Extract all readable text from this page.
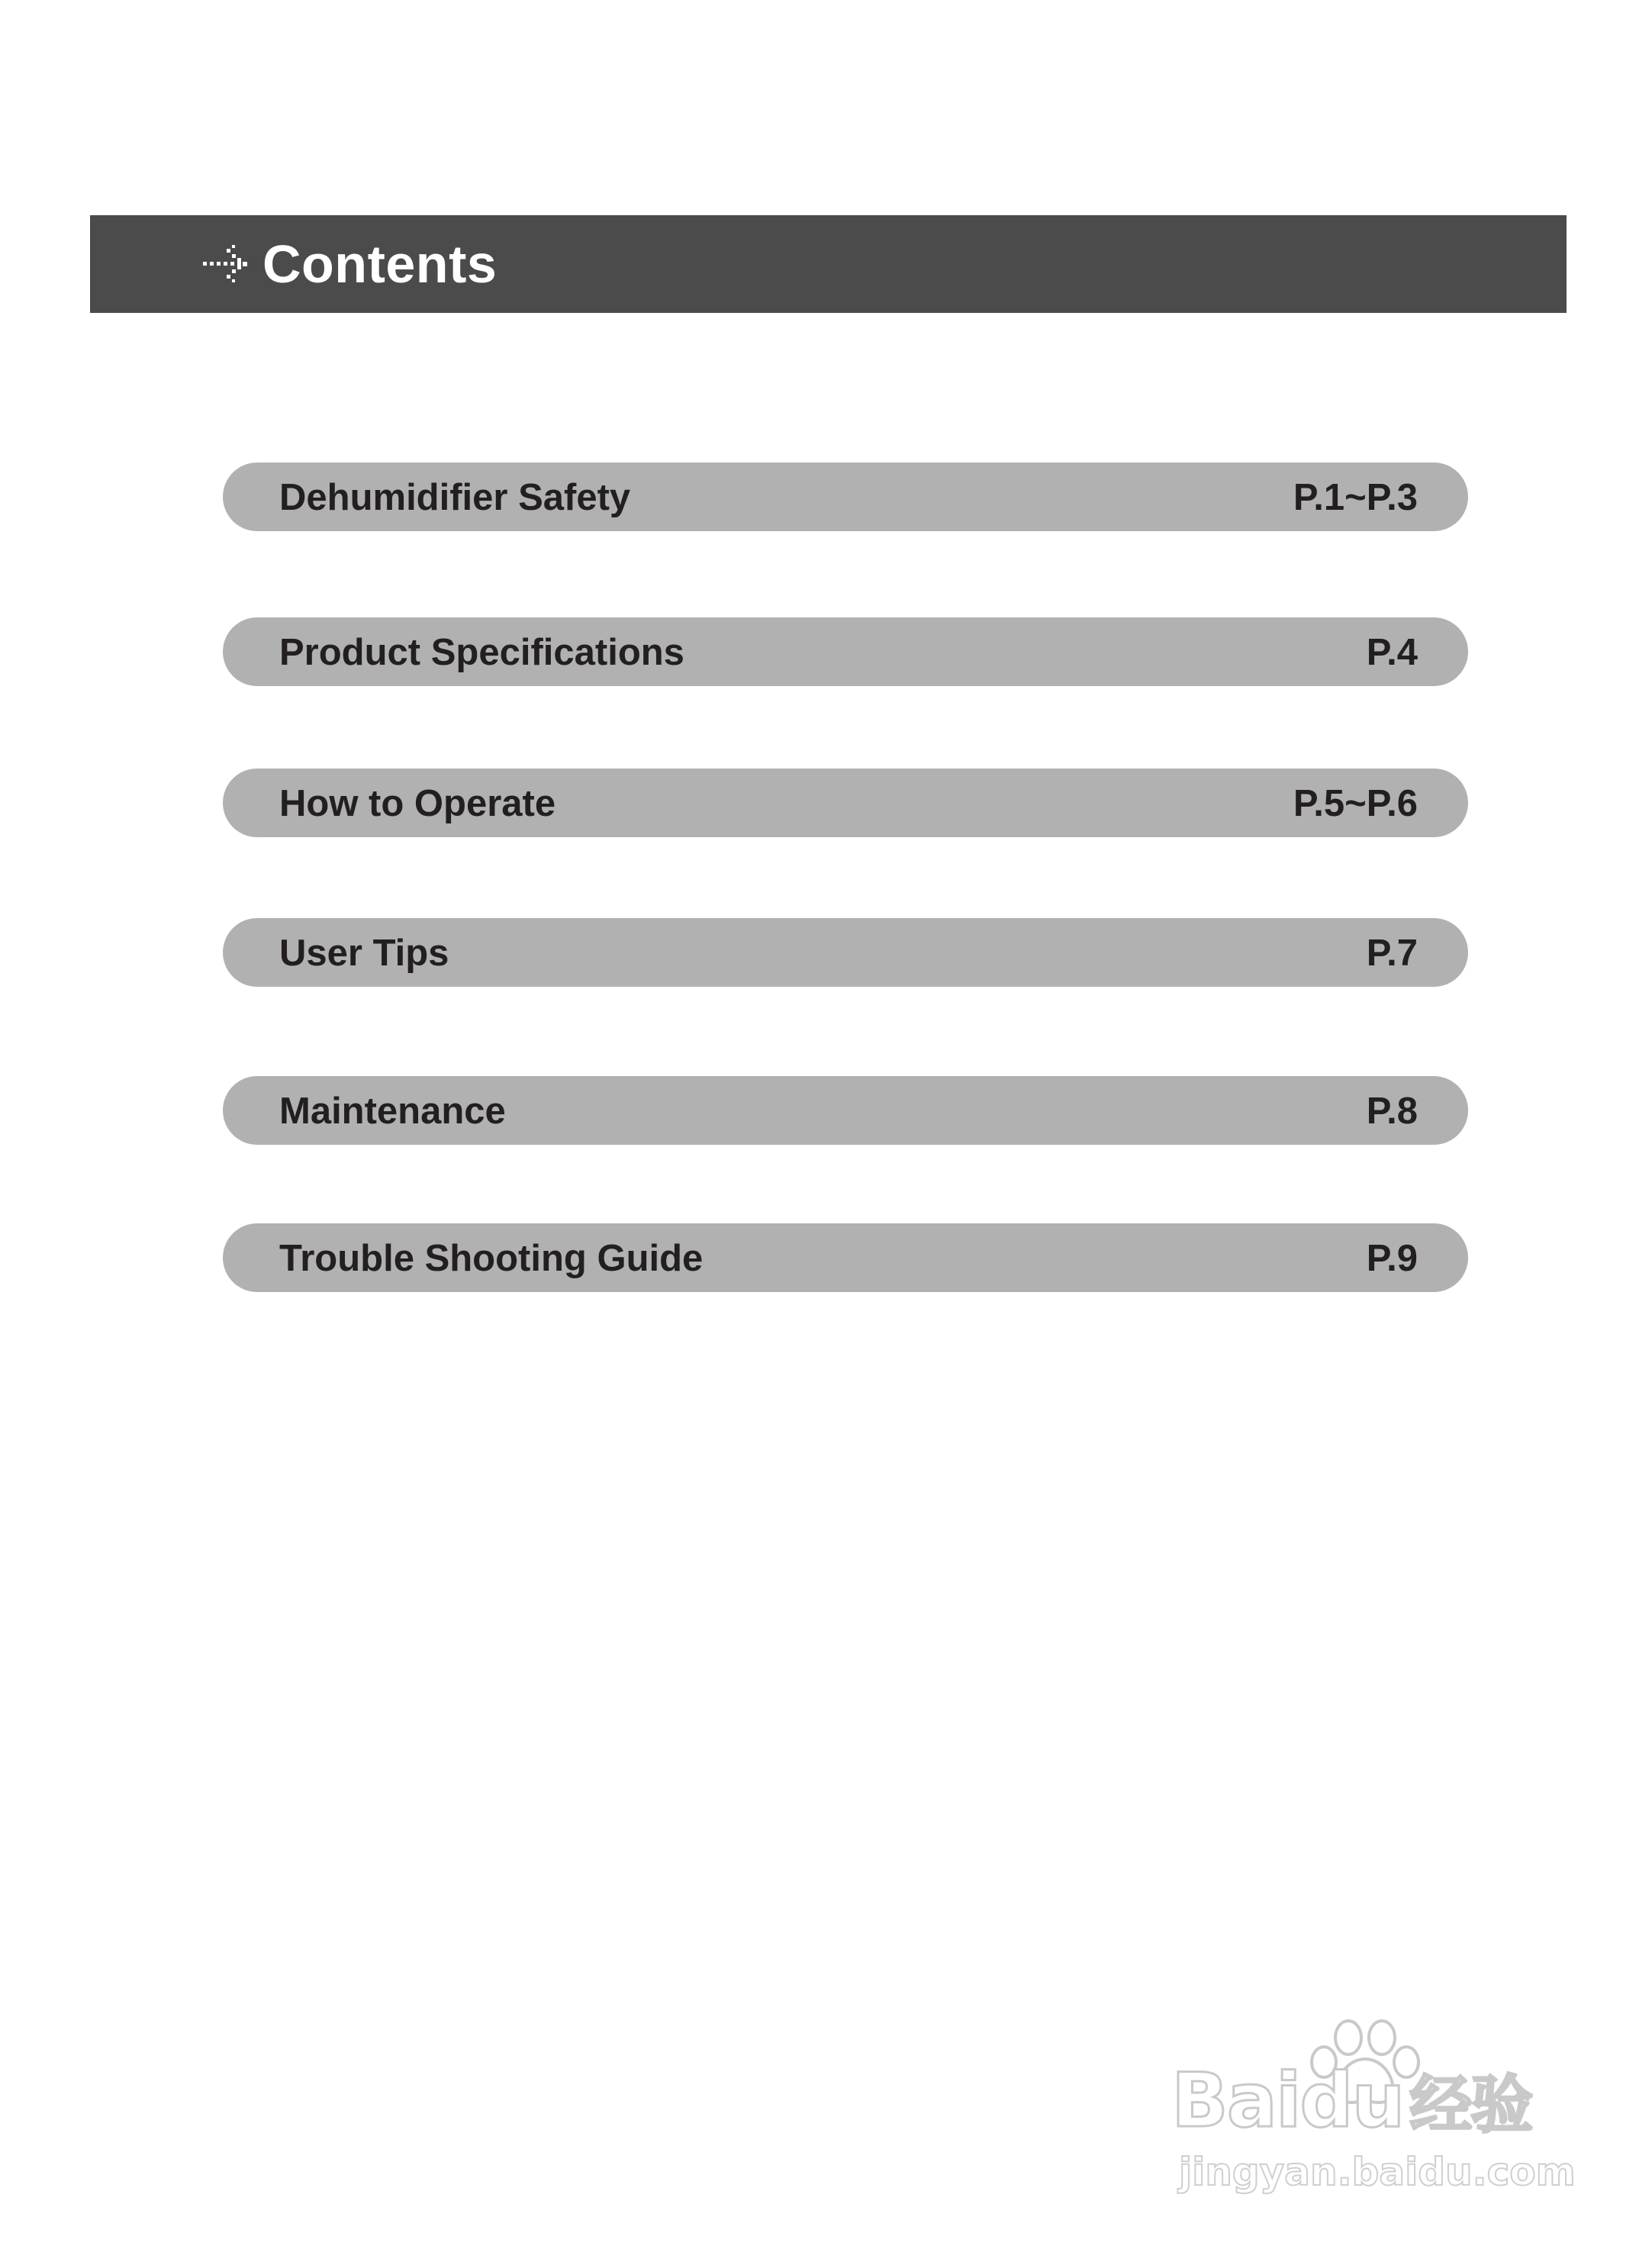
Contents
Dehumidifier Safety	P.1~P.3
Product Specifications	P.4
How to Operate	P.5~P.6
User Tips	P.7
Maintenance	P.8
Trouble Shooting Guide	P.9
Baidu经验
jingyan.baidu.com
